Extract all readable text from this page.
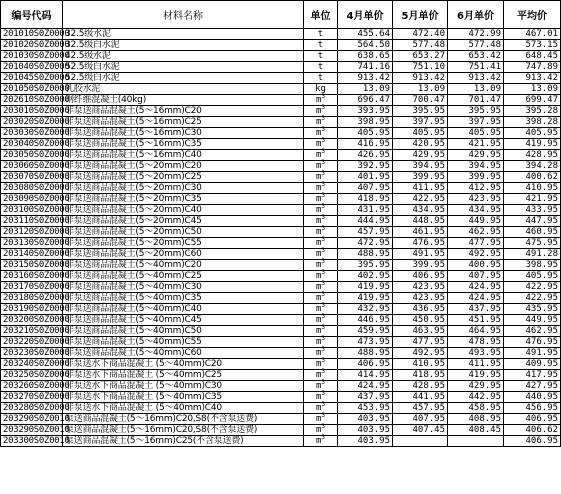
编号代码	材料名称	单位	4月单价	5月单价	6月单价	平均价
201010S0Z0000	32.5级水泥	t	455.64	472.40	472.99	467.01
201020S0Z0000	32.5级白水泥	t	564.50	577.48	577.48	573.15
201030S0Z0000	42.5级水泥	t	638.65	653.27	653.42	648.45
201040S0Z0000	52.5级白水泥	t	741.16	751.10	751.41	747.89
201045S0Z0000	52.5级白水泥	t	913.42	913.42	913.42	913.42
201050S0Z0000	乳胶水泥	kg	13.09	13.09	13.09	13.09
202610S0Z0000	钢纤维混凝土(40kg)	$m^3$	696.47	700.47	701.47	699.47
203010S0Z0000	非泵送商品混凝土(5～16mm)C20	$m^3$	393.95	395.95	395.95	395.28
203020S0Z0000	非泵送商品混凝土(5～16mm)C25	$m^3$	398.95	397.95	397.95	398.28
203030S0Z0000	非泵送商品混凝土(5～16mm)C30	$m^3$	405.95	405.95	405.95	405.95
203040S0Z0000	非泵送商品混凝土(5～16mm)C35	$m^3$	416.95	420.95	421.95	419.95
203050S0Z0000	非泵送商品混凝土(5～16mm)C40	$m^3$	426.95	429.95	429.95	428.95
203060S0Z0000	非泵送商品混凝土(5～20mm)C20	$m^3$	392.95	394.95	394.95	394.28
203070S0Z0000	非泵送商品混凝土(5～20mm)C25	$m^3$	401.95	399.95	399.95	400.62
203080S0Z0000	非泵送商品混凝土(5～20mm)C30	$m^3$	407.95	411.95	412.95	410.95
203090S0Z0000	非泵送商品混凝土(5～20mm)C35	$m^3$	418.95	422.95	423.95	421.95
203100S0Z0000	非泵送商品混凝土(5～20mm)C40	$m^3$	431.95	434.95	434.95	433.95
203110S0Z0000	非泵送商品混凝土(5～20mm)C45	$m^3$	444.95	448.95	449.95	447.95
203120S0Z0000	非泵送商品混凝土(5～20mm)C50	$m^3$	457.95	461.95	462.95	460.95
203130S0Z0000	非泵送商品混凝土(5～20mm)C55	$m^3$	472.95	476.95	477.95	475.95
203140S0Z0000	非泵送商品混凝土(5～20mm)C60	$m^3$	488.95	491.95	492.95	491.28
203150S0Z0000	非泵送商品混凝土(5～40mm)C20	$m^3$	395.95	399.95	400.95	398.95
203160S0Z0000	非泵送商品混凝土(5～40mm)C25	$m^3$	402.95	406.95	407.95	405.95
203170S0Z0000	非泵送商品混凝土(5～40mm)C30	$m^3$	419.95	423.95	424.95	422.95
203180S0Z0000	非泵送商品混凝土(5～40mm)C35	$m^3$	419.95	423.95	424.95	422.95
203190S0Z0000	非泵送商品混凝土(5～40mm)C40	$m^3$	432.95	436.95	437.95	435.95
203200S0Z0000	非泵送商品混凝土(5～40mm)C45	$m^3$	446.95	450.95	451.95	449.95
203210S0Z0000	非泵送商品混凝土(5～40mm)C50	$m^3$	459.95	463.95	464.95	462.95
203220S0Z0000	非泵送商品混凝土(5～40mm)C55	$m^3$	473.95	477.95	478.95	476.95
203230S0Z0000	非泵送商品混凝土(5～40mm)C60	$m^3$	488.95	492.95	493.95	491.95
203240S0Z0000	非泵送水下商品混凝土 (5～40mm)C20	$m^3$	406.95	410.95	411.95	409.95
203250S0Z0000	非泵送水下商品混凝土 (5～40mm)C25	$m^3$	414.95	418.95	419.95	417.95
203260S0Z0000	非泵送水下商品混凝土 (5～40mm)C30	$m^3$	424.95	428.95	429.95	427.95
203270S0Z0000	非泵送水下商品混凝土 (5～40mm)C35	$m^3$	437.95	441.95	442.95	440.95
203280S0Z0000	非泵送水下商品混凝土 (5～40mm)C40	$m^3$	453.95	457.95	458.95	456.95
203290S0Z0010	泵送商品混凝土(5～16mm)C20,S8(不含泵送费)	$m^3$	403.95	407.95	408.95	406.95
203290S0Z0010	泵送商品混凝土(5～16mm)C20,S8(不含泵送费)	$m^3$	403.95	407.45	408.45	406.62
203300S0Z0010	泵送商品混凝土(5～16mm)C25(不含泵送费)	$m^3$	403.95			406.95
